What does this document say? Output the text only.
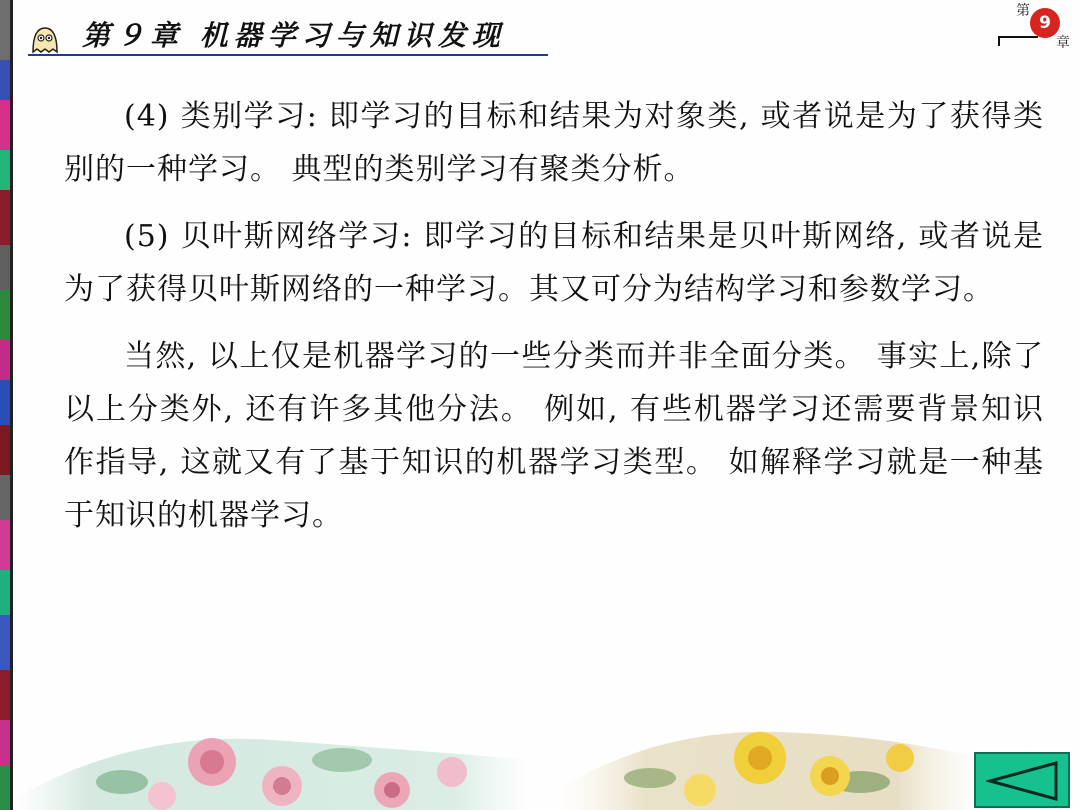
第９章 机器学习与知识发现
第
9
章

(4) 类别学习: 即学习的目标和结果为对象类, 或者说是为了获得类别的一种学习。 典型的类别学习有聚类分析。

(5) 贝叶斯网络学习: 即学习的目标和结果是贝叶斯网络, 或者说是为了获得贝叶斯网络的一种学习。其又可分为结构学习和参数学习。

当然, 以上仅是机器学习的一些分类而并非全面分类。 事实上,除了以上分类外, 还有许多其他分法。 例如, 有些机器学习还需要背景知识作指导, 这就又有了基于知识的机器学习类型。 如解释学习就是一种基于知识的机器学习。
